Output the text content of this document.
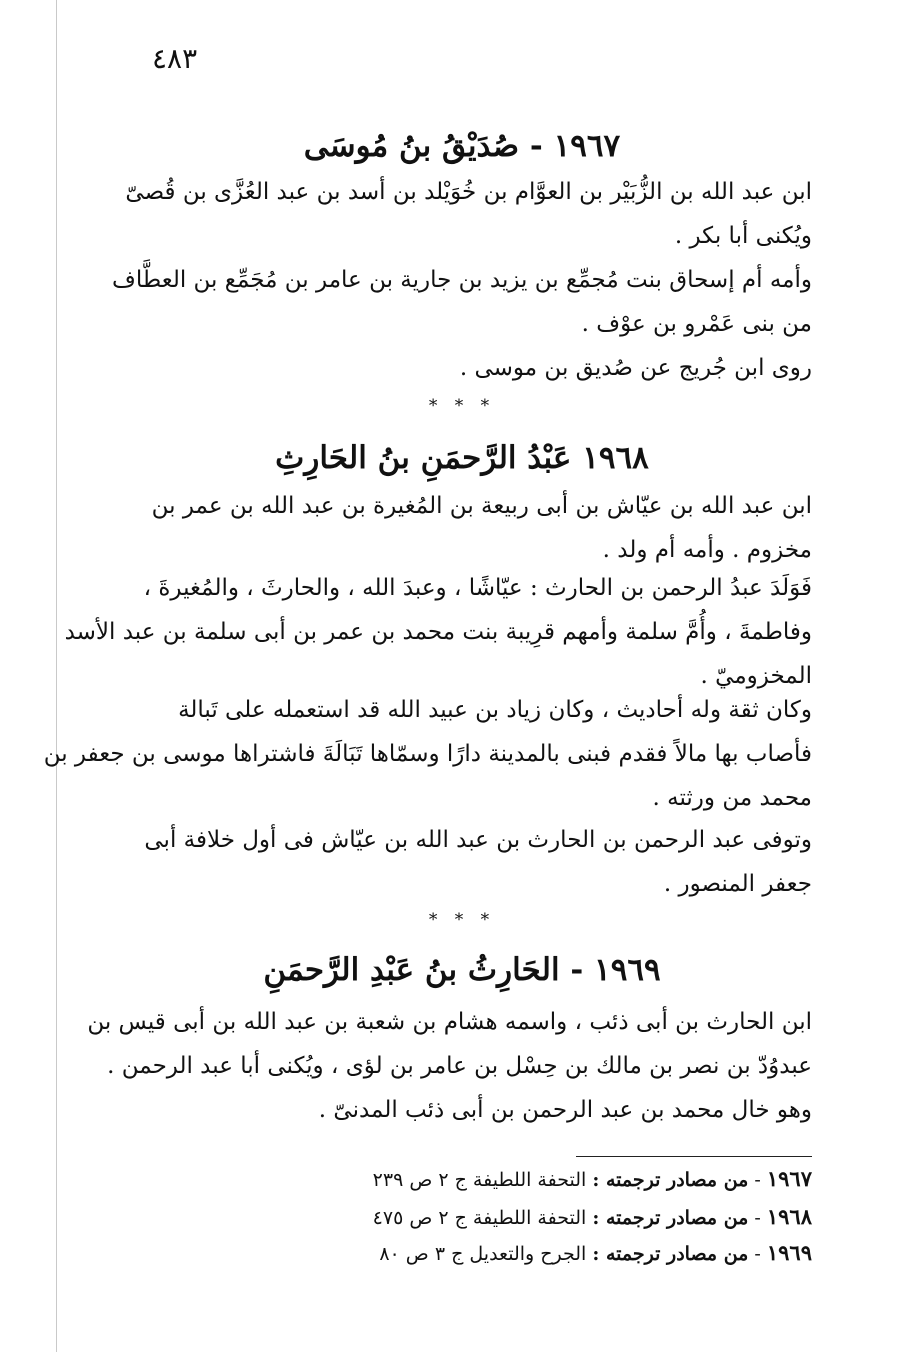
٤٨٣
١٩٦٧ - صُدَيْقُ بنُ مُوسَى
ابن عبد الله بن الزُّبَيْر بن العوَّام بن خُوَيْلد بن أسد بن عبد العُزَّى بن قُصىّ
ويُكنى أبا بكر .
وأمه أم إسحاق بنت مُجمِّع بن يزيد بن جارية بن عامر بن مُجَمِّع بن العطَّاف
من بنى عَمْرو بن عوْف .
روى ابن جُريج عن صُديق بن موسى .
* * *
١٩٦٨ عَبْدُ الرَّحمَنِ بنُ الحَارِثِ
ابن عبد الله بن عيّاش بن أبى ربيعة بن المُغيرة بن عبد الله بن عمر بن
مخزوم . وأمه أم ولد .
فَوَلَدَ عبدُ الرحمن بن الحارث : عيّاشًا ، وعبدَ الله ، والحارثَ ، والمُغيرةَ ،
وفاطمةَ ، وأُمَّ سلمة وأمهم قرِيبة بنت محمد بن عمر بن أبى سلمة بن عبد الأسد
المخزوميّ .
وكان ثقة وله أحاديث ، وكان زياد بن عبيد الله قد استعمله على تَبالة
فأصاب بها مالاً فقدم فبنى بالمدينة دارًا وسمّاها تَبَالَةَ فاشتراها موسى بن جعفر بن
محمد من ورثته .
وتوفى عبد الرحمن بن الحارث بن عبد الله بن عيّاش فى أول خلافة أبى
جعفر المنصور .
* * *
١٩٦٩ - الحَارِثُ بنُ عَبْدِ الرَّحمَنِ
ابن الحارث بن أبى ذئب ، واسمه هشام بن شعبة بن عبد الله بن أبى قيس بن
عبدوُدّ بن نصر بن مالك بن حِسْل بن عامر بن لؤى ، ويُكنى أبا عبد الرحمن .
وهو خال محمد بن عبد الرحمن بن أبى ذئب المدنىّ .
١٩٦٧ - من مصادر ترجمته : التحفة اللطيفة ج ٢ ص ٢٣٩
١٩٦٨ - من مصادر ترجمته : التحفة اللطيفة ج ٢ ص ٤٧٥
١٩٦٩ - من مصادر ترجمته : الجرح والتعديل ج ٣ ص ٨٠
